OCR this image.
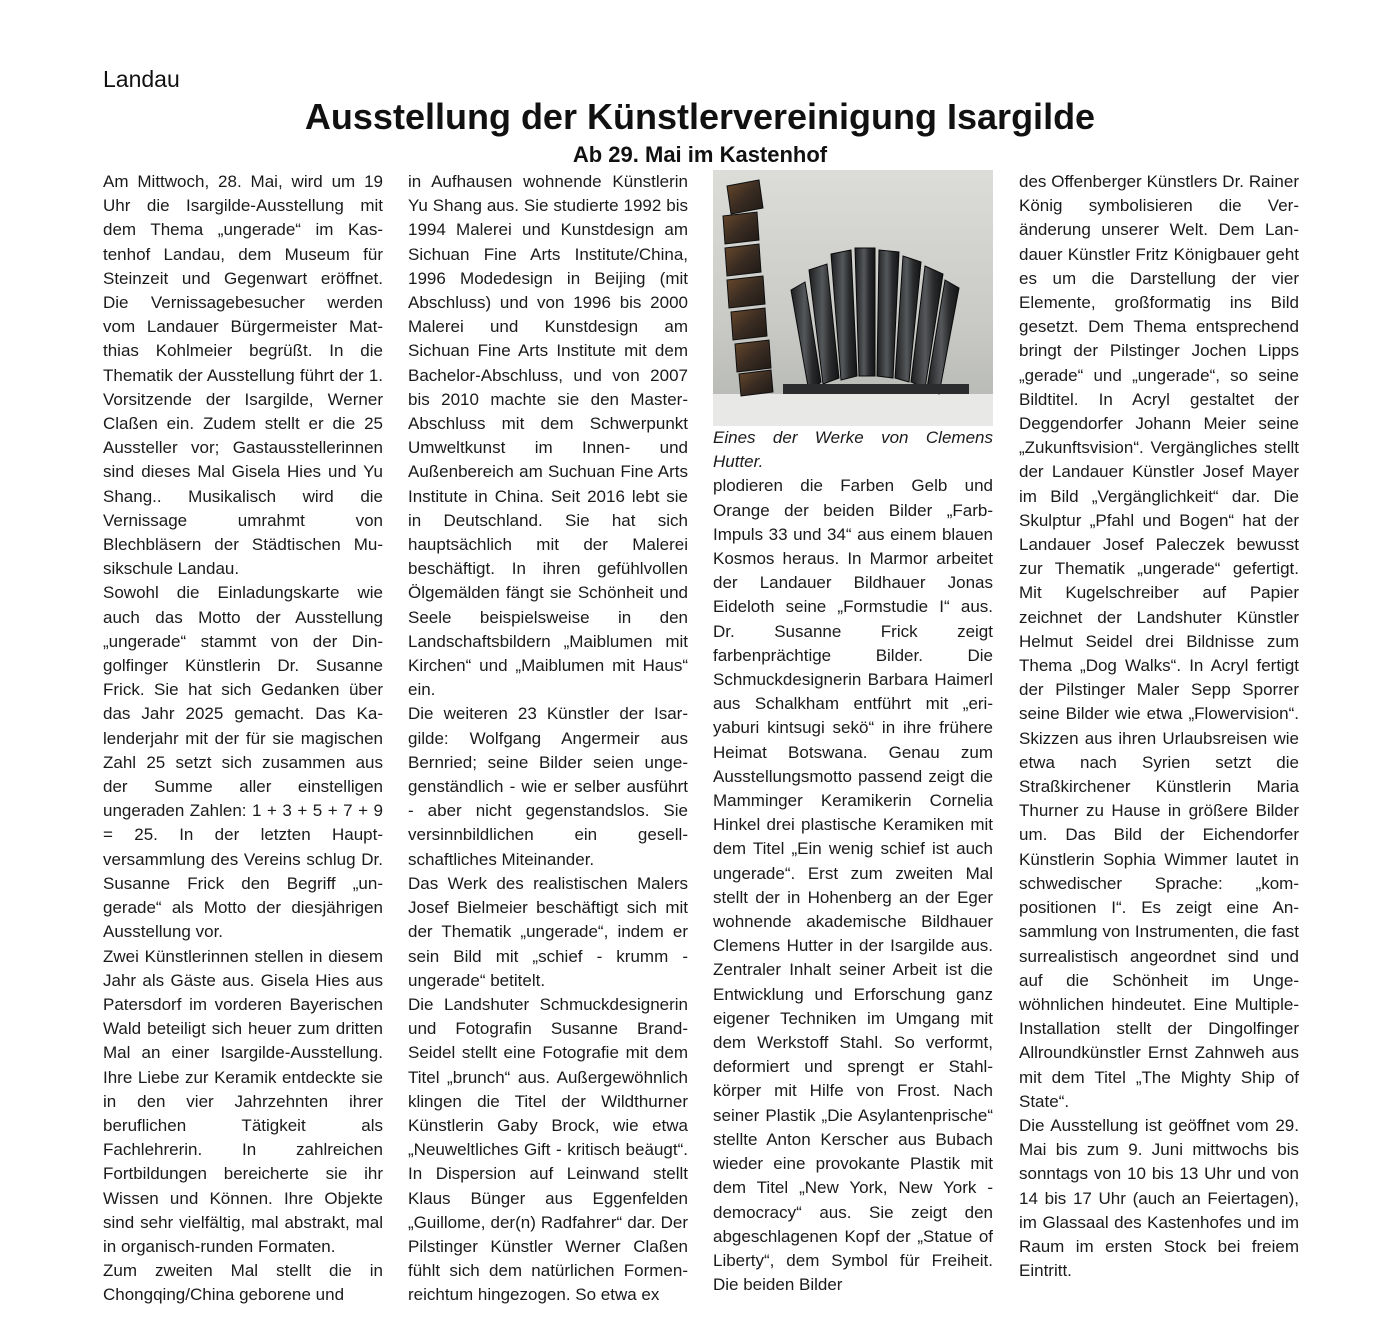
Landau
Ausstellung der Künstlervereinigung Isargilde
Ab 29. Mai im Kastenhof

Am Mittwoch, 28. Mai, wird um 19 Uhr die Isargilde-Ausstellung mit dem Thema „ungerade“ im Kastenhof Landau, dem Museum für Steinzeit und Gegenwart eröffnet. Die Vernissagebesucher werden vom Landauer Bürgermeister Matthias Kohlmeier begrüßt. In die Thematik der Ausstellung führt der 1. Vorsitzende der Isargilde, Werner Claßen ein. Zudem stellt er die 25 Aussteller vor; Gastausstellerinnen sind dieses Mal Gisela Hies und Yu Shang.. Musikalisch wird die Vernissage umrahmt von Blechbläsern der Städtischen Musikschule Landau.

Sowohl die Einladungskarte wie auch das Motto der Ausstellung „ungerade“ stammt von der Dingolfinger Künstlerin Dr. Susanne Frick. Sie hat sich Gedanken über das Jahr 2025 gemacht. Das Kalenderjahr mit der für sie magischen Zahl 25 setzt sich zusammen aus der Summe aller einstelligen ungeraden Zahlen: 1 + 3 + 5 + 7 + 9 = 25. In der letzten Hauptversammlung des Vereins schlug Dr. Susanne Frick den Begriff „ungerade“ als Motto der diesjährigen Ausstellung vor.

Zwei Künstlerinnen stellen in diesem Jahr als Gäste aus. Gisela Hies aus Patersdorf im vorderen Bayerischen Wald beteiligt sich heuer zum dritten Mal an einer Isargilde-Ausstellung. Ihre Liebe zur Keramik entdeckte sie in den vier Jahrzehnten ihrer beruflichen Tätigkeit als Fachlehrerin. In zahlreichen Fortbildungen bereicherte sie ihr Wissen und Können. Ihre Objekte sind sehr vielfältig, mal abstrakt, mal in organisch-runden Formaten.

Zum zweiten Mal stellt die in Chongqing/China geborene und

in Aufhausen wohnende Künstlerin Yu Shang aus. Sie studierte 1992 bis 1994 Malerei und Kunstdesign am Sichuan Fine Arts Institute/China, 1996 Modedesign in Beijing (mit Abschluss) und von 1996 bis 2000 Malerei und Kunstdesign am Sichuan Fine Arts Institute mit dem Bachelor-Abschluss, und von 2007 bis 2010 machte sie den Master-Abschluss mit dem Schwerpunkt Umweltkunst im Innen- und Außenbereich am Suchuan Fine Arts Institute in China. Seit 2016 lebt sie in Deutschland. Sie hat sich hauptsächlich mit der Malerei beschäftigt. In ihren gefühlvollen Ölgemälden fängt sie Schönheit und Seele beispielsweise in den Landschaftsbildern „Maiblumen mit Kirchen“ und „Maiblumen mit Haus“ ein.

Die weiteren 23 Künstler der Isargilde: Wolfgang Angermeir aus Bernried; seine Bilder seien ungegenständlich - wie er selber ausführt - aber nicht gegenstandslos. Sie versinnbildlichen ein gesellschaftliches Miteinander.

Das Werk des realistischen Malers Josef Bielmeier beschäftigt sich mit der Thematik „ungerade“, indem er sein Bild mit „schief - krumm - ungerade“ betitelt.

Die Landshuter Schmuckdesignerin und Fotografin Susanne Brand-Seidel stellt eine Fotografie mit dem Titel „brunch“ aus. Außergewöhnlich klingen die Titel der Wildthurner Künstlerin Gaby Brock, wie etwa „Neuweltliches Gift - kritisch beäugt“. In Dispersion auf Leinwand stellt Klaus Bünger aus Eggenfelden „Guillome, der(n) Radfahrer“ dar. Der Pilstinger Künstler Werner Claßen fühlt sich dem natürlichen Formenreichtum hingezogen. So etwa ex

Eines der Werke von Clemens Hutter.

plodieren die Farben Gelb und Orange der beiden Bilder „Farb-Impuls 33 und 34“ aus einem blauen Kosmos heraus. In Marmor arbeitet der Landauer Bildhauer Jonas Eideloth seine „Formstudie I“ aus. Dr. Susanne Frick zeigt farbenprächtige Bilder. Die Schmuckdesignerin Barbara Haimerl aus Schalkham entführt mit „eri-yaburi kintsugi sekö“ in ihre frühere Heimat Botswana. Genau zum Ausstellungsmotto passend zeigt die Mamminger Keramikerin Cornelia Hinkel drei plastische Keramiken mit dem Titel „Ein wenig schief ist auch ungerade“. Erst zum zweiten Mal stellt der in Hohenberg an der Eger wohnende akademische Bildhauer Clemens Hutter in der Isargilde aus. Zentraler Inhalt seiner Arbeit ist die Entwicklung und Erforschung ganz eigener Techniken im Umgang mit dem Werkstoff Stahl. So verformt, deformiert und sprengt er Stahlkörper mit Hilfe von Frost. Nach seiner Plastik „Die Asylantenprische“ stellte Anton Kerscher aus Bubach wieder eine provokante Plastik mit dem Titel „New York, New York - democracy“ aus. Sie zeigt den abgeschlagenen Kopf der „Statue of Liberty“, dem Symbol für Freiheit. Die beiden Bilder

des Offenberger Künstlers Dr. Rainer König symbolisieren die Veränderung unserer Welt. Dem Landauer Künstler Fritz Königbauer geht es um die Darstellung der vier Elemente, großformatig ins Bild gesetzt. Dem Thema entsprechend bringt der Pilstinger Jochen Lipps „gerade“ und „ungerade“, so seine Bildtitel. In Acryl gestaltet der Deggendorfer Johann Meier seine „Zukunftsvision“. Vergängliches stellt der Landauer Künstler Josef Mayer im Bild „Vergänglichkeit“ dar. Die Skulptur „Pfahl und Bogen“ hat der Landauer Josef Paleczek bewusst zur Thematik „ungerade“ gefertigt. Mit Kugelschreiber auf Papier zeichnet der Landshuter Künstler Helmut Seidel drei Bildnisse zum Thema „Dog Walks“. In Acryl fertigt der Pilstinger Maler Sepp Sporrer seine Bilder wie etwa „Flowervision“. Skizzen aus ihren Urlaubsreisen wie etwa nach Syrien setzt die Straßkirchener Künstlerin Maria Thurner zu Hause in größere Bilder um. Das Bild der Eichendorfer Künstlerin Sophia Wimmer lautet in schwedischer Sprache: „kompositionen I“. Es zeigt eine Ansammlung von Instrumenten, die fast surrealistisch angeordnet sind und auf die Schönheit im Ungewöhnlichen hindeutet. Eine Multiple-Installation stellt der Dingolfinger Allroundkünstler Ernst Zahnweh aus mit dem Titel „The Mighty Ship of State“.

Die Ausstellung ist geöffnet vom 29. Mai bis zum 9. Juni mittwochs bis sonntags von 10 bis 13 Uhr und von 14 bis 17 Uhr (auch an Feiertagen), im Glassaal des Kastenhofes und im Raum im ersten Stock bei freiem Eintritt.
